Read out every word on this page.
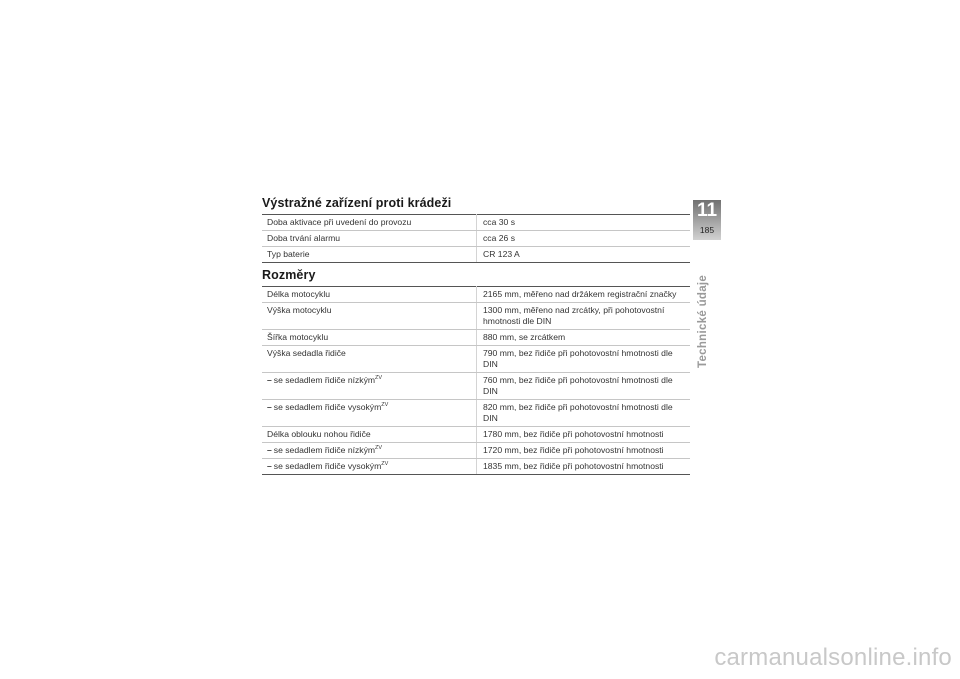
Výstražné zařízení proti krádeži
Doba aktivace při uvedení do provozu	cca 30 s
Doba trvání alarmu	cca 26 s
Typ baterie	CR 123 A
Rozměry
Délka motocyklu	2165 mm, měřeno nad držákem registrační značky
Výška motocyklu	1300 mm, měřeno nad zrcátky, při pohotovostní hmotnosti dle DIN
Šířka motocyklu	880 mm, se zrcátkem
Výška sedadla řidiče	790 mm, bez řidiče při pohotovostní hmotnosti dle DIN
– se sedadlem řidiče nízkým$^{ZV}$	760 mm, bez řidiče při pohotovostní hmotnosti dle DIN
– se sedadlem řidiče vysokým$^{ZV}$	820 mm, bez řidiče při pohotovostní hmotnosti dle DIN
Délka oblouku nohou řidiče	1780 mm, bez řidiče při pohotovostní hmotnosti
– se sedadlem řidiče nízkým$^{ZV}$	1720 mm, bez řidiče při pohotovostní hmotnosti
– se sedadlem řidiče vysokým$^{ZV}$	1835 mm, bez řidiče při pohotovostní hmotnosti
11
185
Technické údaje
carmanualsonline.info
